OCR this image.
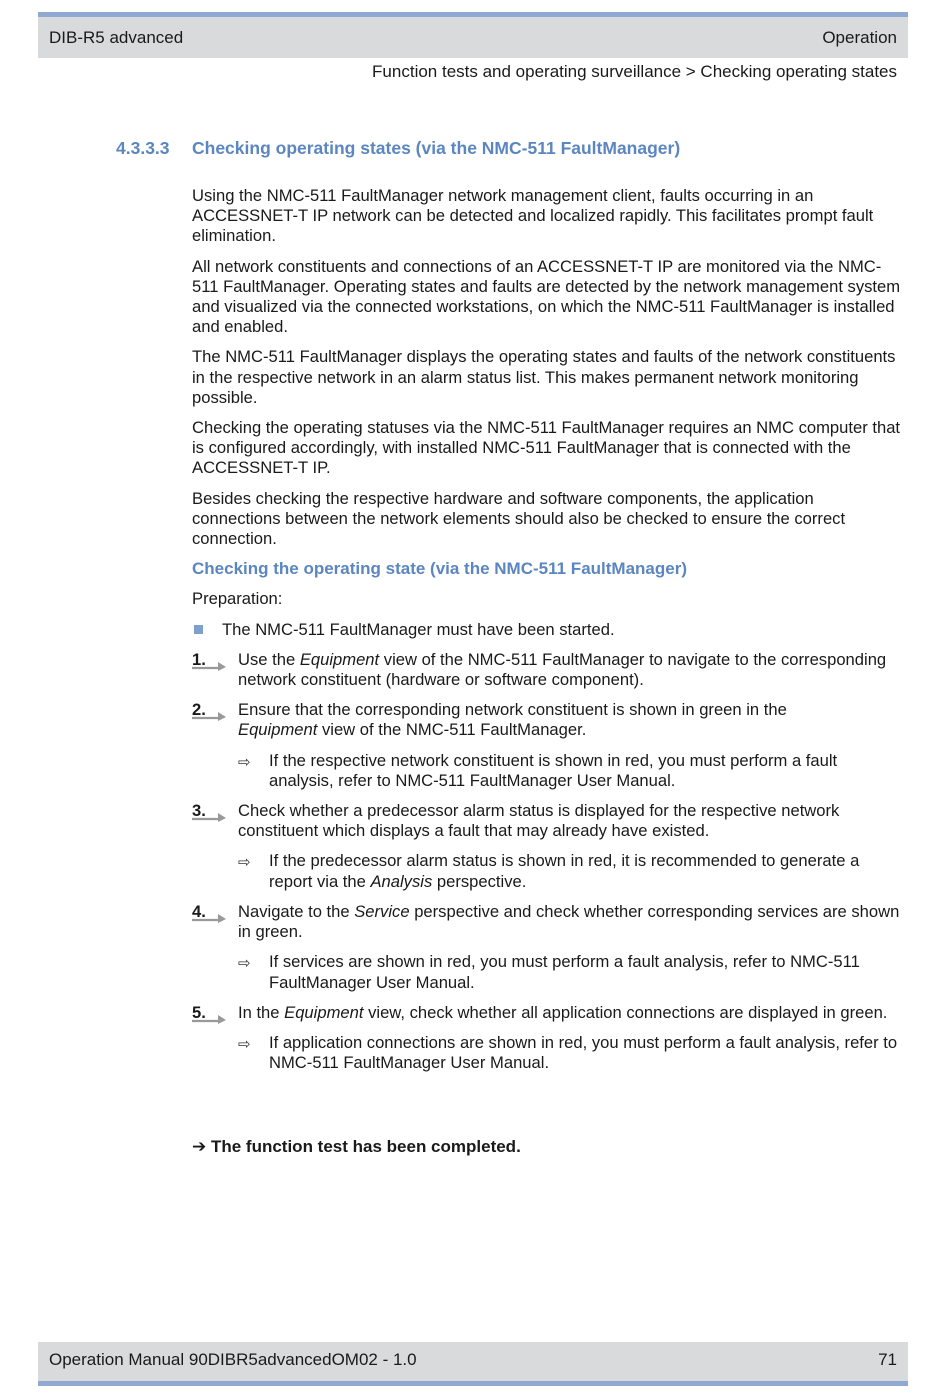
DIB-R5 advanced	Operation
Function tests and operating surveillance > Checking operating states
4.3.3.3 Checking operating states (via the NMC-511 FaultManager)

Using the NMC-511 FaultManager network management client, faults occurring in an ACCESSNET-T IP network can be detected and localized rapidly. This facilitates prompt fault elimination.

All network constituents and connections of an ACCESSNET-T IP are monitored via the NMC-511 FaultManager. Operating states and faults are detected by the network management system and visualized via the connected workstations, on which the NMC-511 FaultManager is installed and enabled.

The NMC-511 FaultManager displays the operating states and faults of the network constituents in the respective network in an alarm status list. This makes permanent network monitoring possible.

Checking the operating statuses via the NMC-511 FaultManager requires an NMC computer that is configured accordingly, with installed NMC-511 FaultManager that is connected with the ACCESSNET-T IP.

Besides checking the respective hardware and software components, the application connections between the network elements should also be checked to ensure the correct connection.

Checking the operating state (via the NMC-511 FaultManager)

Preparation:

The NMC-511 FaultManager must have been started.
1. Use the Equipment view of the NMC-511 FaultManager to navigate to the corresponding network constituent (hardware or software component).
2. Ensure that the corresponding network constituent is shown in green in the
Equipment view of the NMC-511 FaultManager.
⇨ If the respective network constituent is shown in red, you must perform a fault analysis, refer to NMC-511 FaultManager User Manual.
3. Check whether a predecessor alarm status is displayed for the respective network constituent which displays a fault that may already have existed.
⇨ If the predecessor alarm status is shown in red, it is recommended to generate a report via the Analysis perspective.
4. Navigate to the Service perspective and check whether corresponding services are shown in green.
⇨ If services are shown in red, you must perform a fault analysis, refer to NMC-511 FaultManager User Manual.
5. In the Equipment view, check whether all application connections are displayed in green.
⇨ If application connections are shown in red, you must perform a fault analysis, refer to NMC-511 FaultManager User Manual.
➔ The function test has been completed.
Operation Manual 90DIBR5advancedOM02 - 1.0	71
